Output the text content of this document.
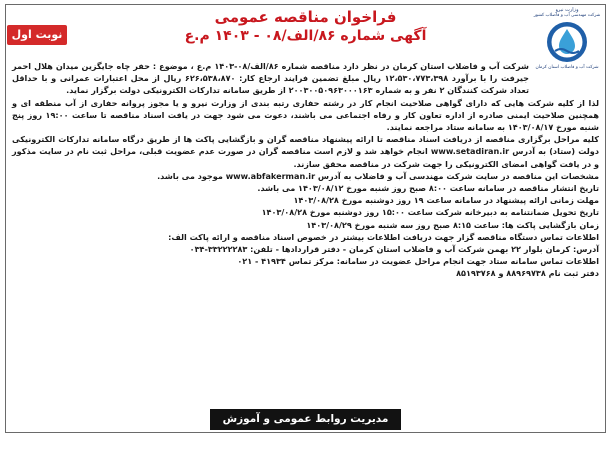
نوبت اول
وزارت نیرو
شرکت مهندسی آب و فاضلاب کشور
شرکت آب و فاضلاب استان کرمان
فراخوان مناقصه عمومی
آگهی شماره ۸۶/الف/۰۸ - ۱۴۰۳ م.ع

شرکت آب و فاضلاب استان کرمان در نظر دارد مناقصه شماره ۸۶/الف/۰۸-۱۴۰۳ م.ع ، موضوع : حفر چاه جایگزین میدان هلال احمر جیرفت را با برآورد ۱۲،۵۳۰،۷۷۳،۳۹۸ ریال مبلغ تضمین فرایند ارجاع کار: ۶۲۶،۵۳۸،۸۷۰ ریال از محل اعتبارات عمرانی و با حداقل تعداد شرکت کنندگان ۲ نفر و به شماره ۲۰۰۳۰۰۵۰۹۶۳۰۰۰۱۶۳ از طریق سامانه تدارکات الکترونیکی دولت برگزار نماید.

لذا از کلیه شرکت هایی که دارای گواهی صلاحیت انجام کار در رشته حفاری رتبه بندی از وزارت نیرو و یا مجوز پروانه حفاری از آب منطقه ای و همچنین صلاحیت ایمنی صادره از اداره تعاون کار و رفاه اجتماعی می باشند، دعوت می شود جهت در یافت اسناد مناقصه تا ساعت ۱۹:۰۰ روز پنج شنبه مورخ ۱۴۰۳/۰۸/۱۷ به سامانه ستاد مراجعه نمایند.

کلیه مراحل برگزاری مناقصه از دریافت اسناد مناقصه تا ارائه پیشنهاد مناقصه گران و بازگشایی پاکت ها از طریق درگاه سامانه تدارکات الکترونیکی دولت (ستاد) به آدرس www.setadiran.ir انجام خواهد شد و لازم است مناقصه گران در صورت عدم عضویت قبلی، مراحل ثبت نام در سایت مذکور و در یافت گواهی امضای الکترونیکی را جهت شرکت در مناقصه محقق سازند.

مشخصات این مناقصه در سایت شرکت مهندسی آب و فاضلاب به آدرس www.abfakerman.ir موجود می باشد.

تاریخ انتشار مناقصه در سامانه ساعت ۸:۰۰ صبح روز شنبه مورخ ۱۴۰۳/۰۸/۱۲ می باشد.

مهلت زمانی ارائه پیشنهاد در سامانه ساعت ۱۹ روز دوشنبه مورخ ۱۴۰۳/۰۸/۲۸

تاریخ تحویل ضمانتنامه به دبیرخانه شرکت ساعت ۱۵:۰۰ روز دوشنبه مورخ ۱۴۰۳/۰۸/۲۸

زمان بازگشایی پاکت ها: ساعت ۸:۱۵ صبح روز سه شنبه مورخ ۱۴۰۳/۰۸/۲۹

اطلاعات تماس دستگاه مناقصه گزار جهت دریافت اطلاعات بیشتر در خصوص اسناد مناقصه و ارائه پاکت الف:

آدرس: کرمان بلوار ۲۲ بهمن شرکت آب و فاضلاب استان کرمان - دفتر قراردادها - تلفن: ۳۳۲۲۲۲۸۳-۰۳۴

اطلاعات تماس سامانه ستاد جهت انجام مراحل عضویت در سامانه: مرکز تماس ۴۱۹۳۴ - ۰۲۱

دفتر ثبت نام ۸۸۹۶۹۷۳۸ و ۸۵۱۹۳۷۶۸

مدیریت روابط عمومی و آموزش همگانی
